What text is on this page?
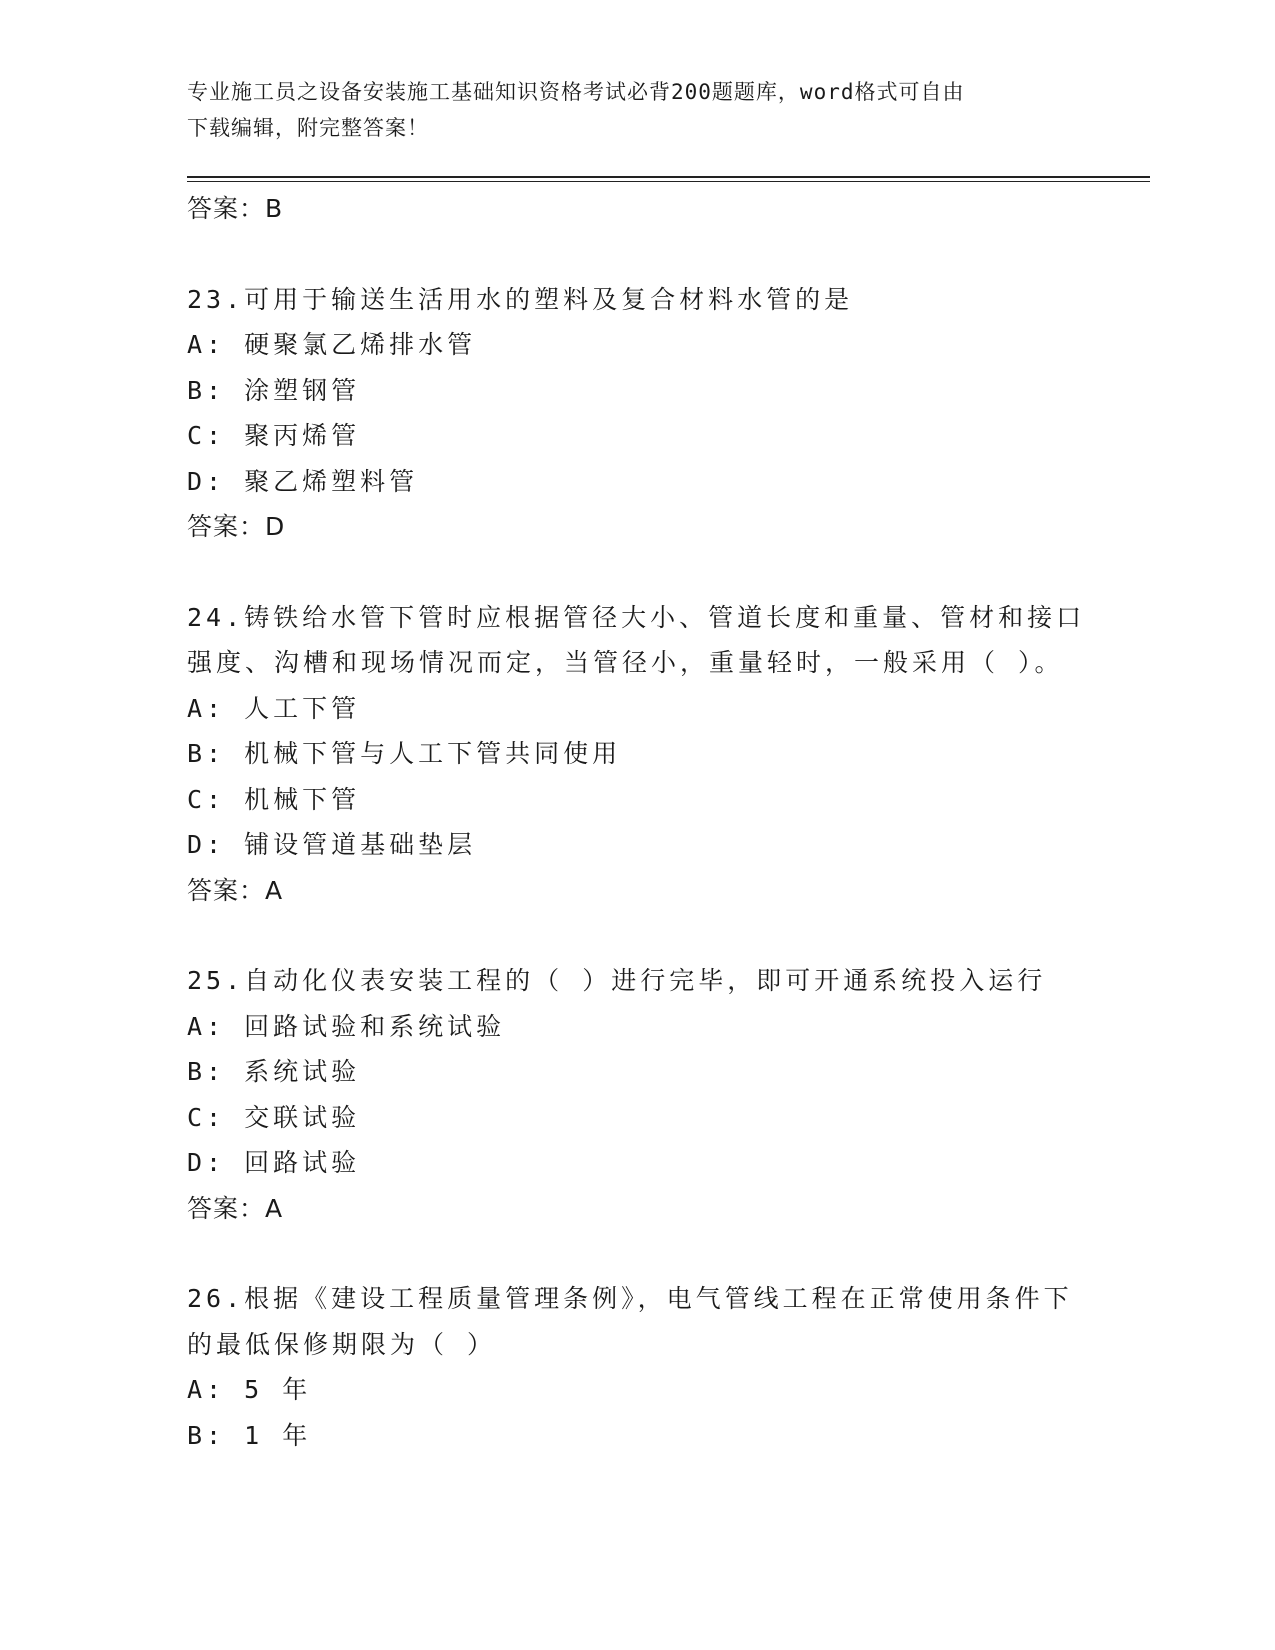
专业施工员之设备安装施工基础知识资格考试必背200题题库，word格式可自由
下载编辑，附完整答案！
答案：B
23.可用于输送生活用水的塑料及复合材料水管的是
A: 硬聚氯乙烯排水管
B: 涂塑钢管
C: 聚丙烯管
D: 聚乙烯塑料管
答案：D
24.铸铁给水管下管时应根据管径大小、管道长度和重量、管材和接口
强度、沟槽和现场情况而定，当管径小，重量轻时，一般采用（ ）。
A: 人工下管
B: 机械下管与人工下管共同使用
C: 机械下管
D: 铺设管道基础垫层
答案：A
25.自动化仪表安装工程的（ ）进行完毕，即可开通系统投入运行
A: 回路试验和系统试验
B: 系统试验
C: 交联试验
D: 回路试验
答案：A
26.根据《建设工程质量管理条例》，电气管线工程在正常使用条件下
的最低保修期限为（ ）
A: 5 年
B: 1 年
